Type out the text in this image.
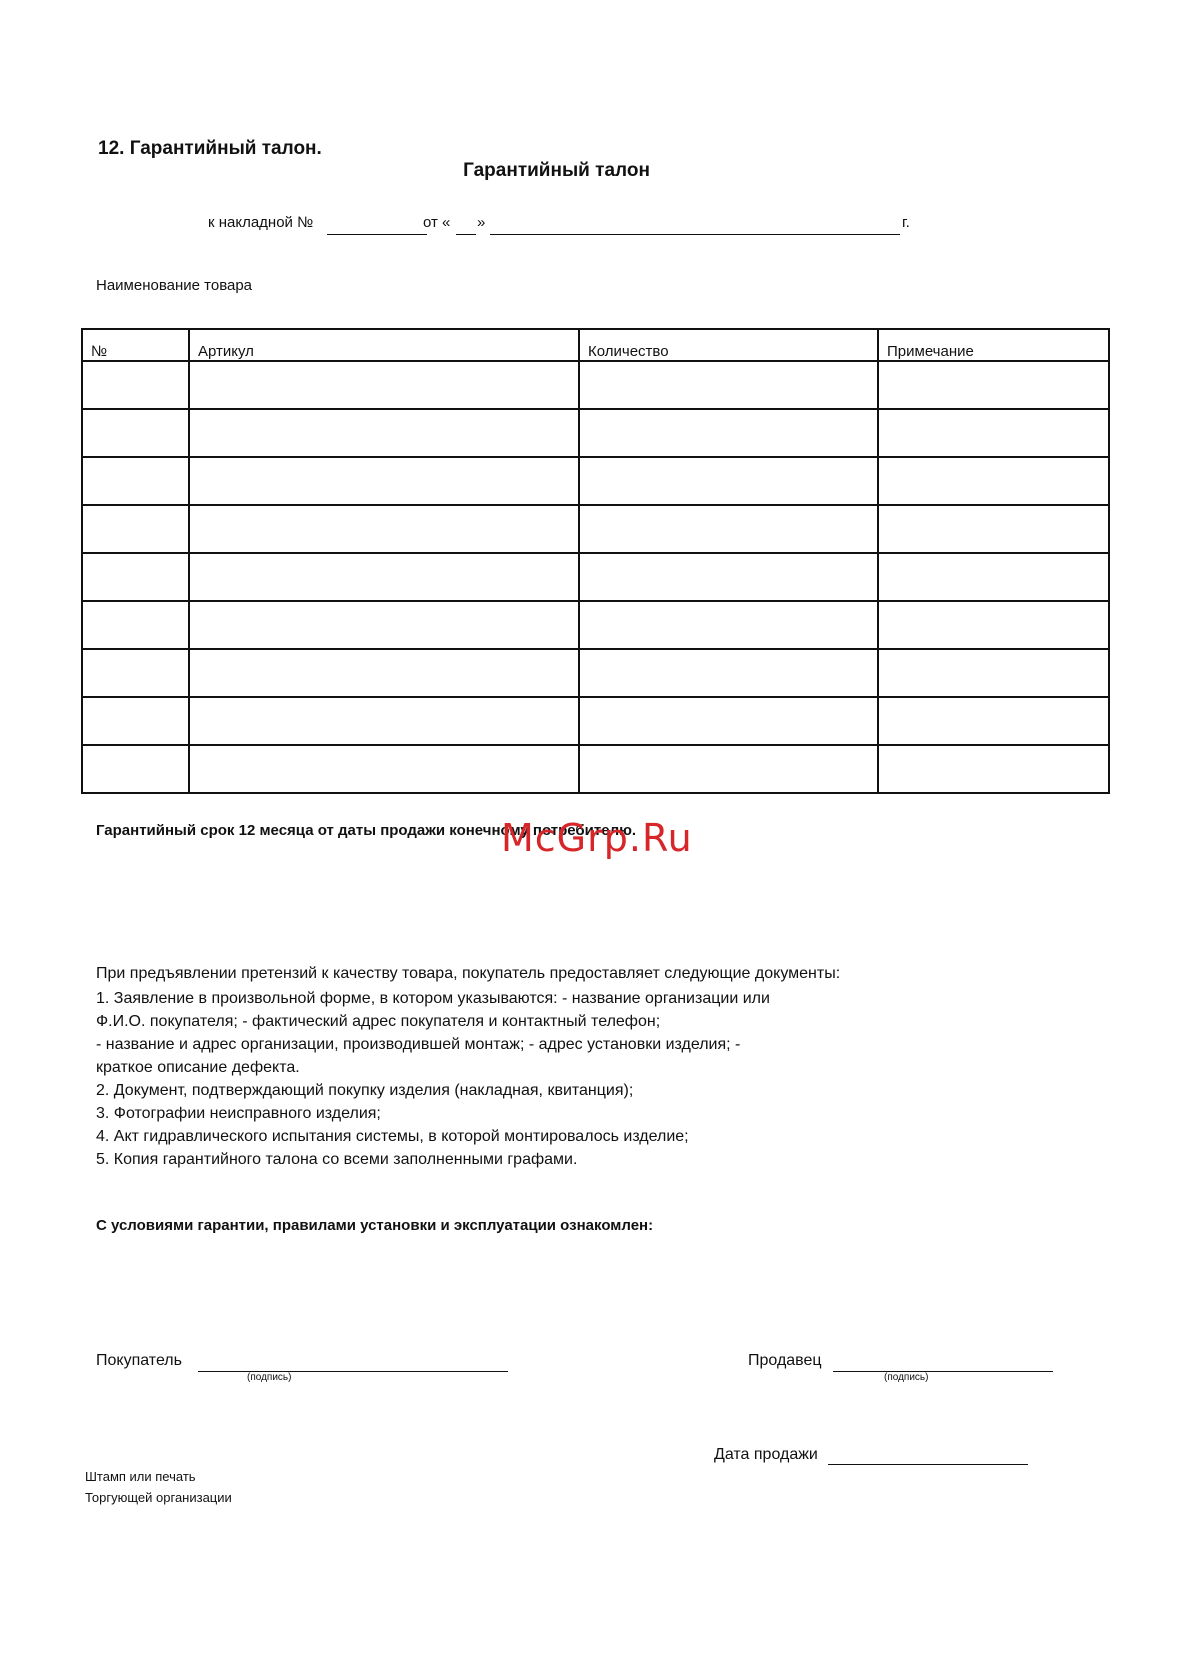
12. Гарантийный талон.
Гарантийный талон
к накладной №	от « »	г.
Наименование товара
№	Артикул	Количество	Примечание

Гарантийный срок 12 месяца от даты продажи конечному потребителю.
McGrp.Ru

При предъявлении претензий к качеству товара, покупатель предоставляет следующие документы:

1. Заявление в произвольной форме, в котором указываются: - название организации или

Ф.И.О. покупателя; - фактический адрес покупателя и контактный телефон;

- название и адрес организации, производившей монтаж; - адрес установки изделия; -

краткое описание дефекта.

2. Документ, подтверждающий покупку изделия (накладная, квитанция);

3. Фотографии неисправного изделия;

4. Акт гидравлического испытания системы, в которой монтировалось изделие;

5. Копия гарантийного талона со всеми заполненными графами.

С условиями гарантии, правилами установки и эксплуатации ознакомлен:
Покупатель
(подпись)
Продавец
(подпись)
Дата продажи

Штамп или печать

Торгующей организации
